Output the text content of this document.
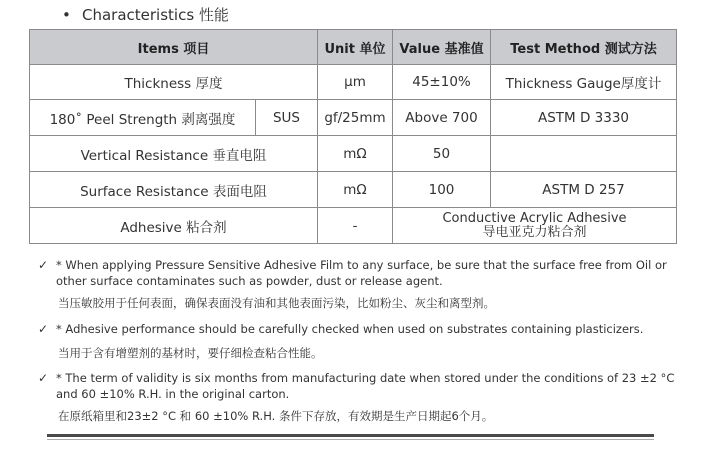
• Characteristics 性能
Items 项目		Unit 单位	Value 基准值	Test Method 测试方法
Thickness 厚度		μm	45±10%	Thickness Gauge厚度计
180˚ Peel Strength 剥离强度	SUS	gf/25mm	Above 700	ASTM D 3330
Vertical Resistance 垂直电阻		mΩ	50	
Surface Resistance 表面电阻		mΩ	100	ASTM D 257
Adhesive 粘合剂		-	Conductive Acrylic Adhesive
导电亚克力粘合剂	
✓ * When applying Pressure Sensitive Adhesive Film to any surface, be sure that the surface free from Oil or other surface contaminates such as powder, dust or release agent.
当压敏胶用于任何表面，确保表面没有油和其他表面污染，比如粉尘、灰尘和离型剂。
✓ * Adhesive performance should be carefully checked when used on substrates containing plasticizers.
当用于含有增塑剂的基材时，要仔细检查粘合性能。
✓ * The term of validity is six months from manufacturing date when stored under the conditions of 23 ±2 °C and 60 ±10% R.H. in the original carton.
在原纸箱里和23±2 °C 和 60 ±10% R.H. 条件下存放，有效期是生产日期起6个月。
